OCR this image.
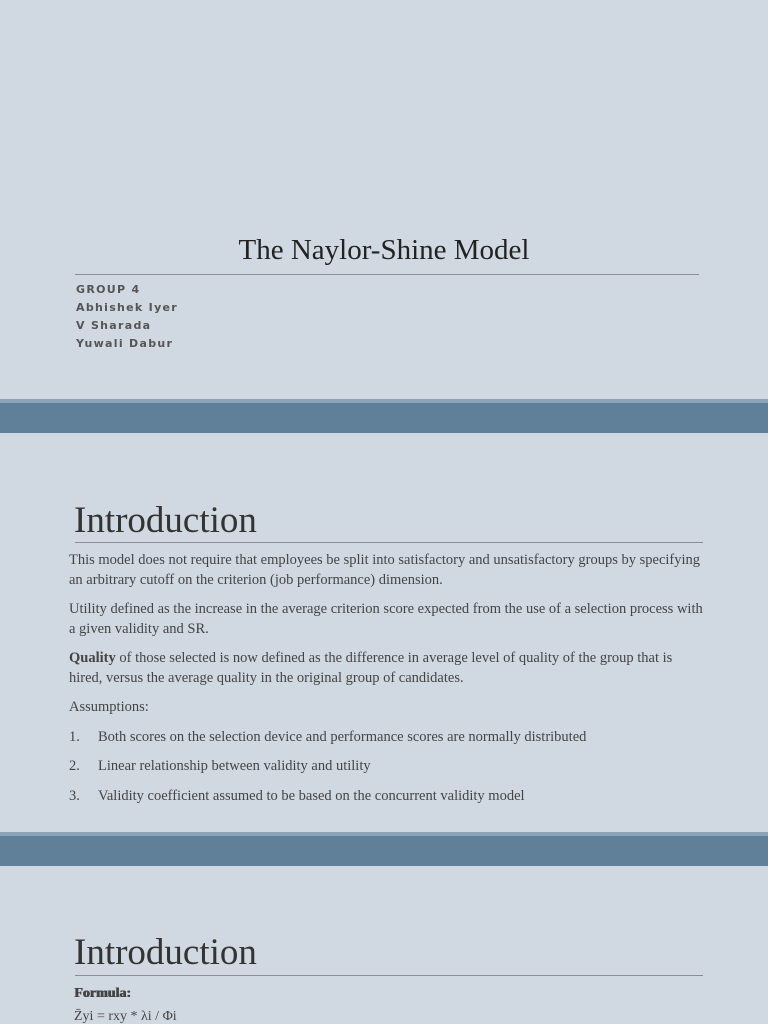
The Naylor-Shine Model
GROUP 4
Abhishek Iyer
V Sharada
Yuwali Dabur
Introduction

This model does not require that employees be split into satisfactory and unsatisfactory groups by specifying an arbitrary cutoff on the criterion (job performance) dimension.

Utility defined as the increase in the average criterion score expected from the use of a selection process with a given validity and SR.

Quality of those selected is now defined as the difference in average level of quality of the group that is hired, versus the average quality in the original group of candidates.

Assumptions:

1.	Both scores on the selection device and performance scores are normally distributed
2.	Linear relationship between validity and utility
3.	Validity coefficient assumed to be based on the concurrent validity model
Introduction
Formula:
Z̄yi = rxy * λi / Φi
